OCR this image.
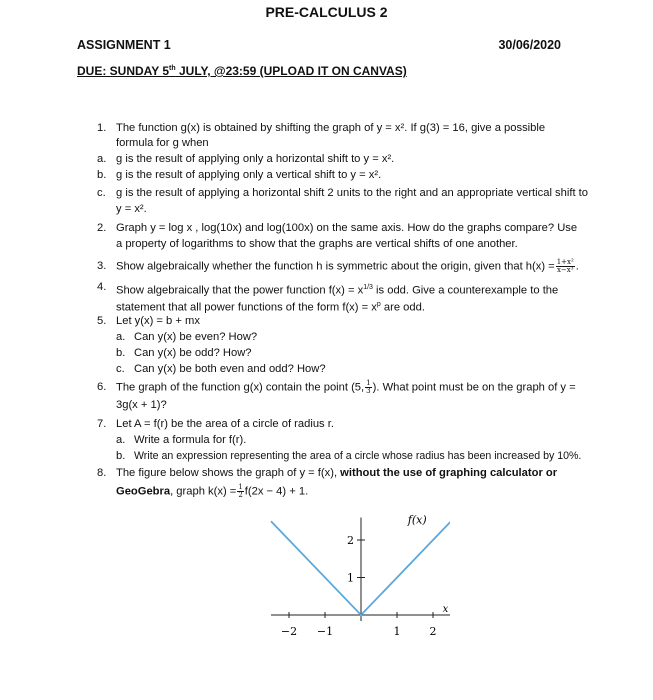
PRE-CALCULUS 2
ASSIGNMENT 1	30/06/2020
DUE: SUNDAY 5th JULY, @23:59 (UPLOAD IT ON CANVAS)
1. The function g(x) is obtained by shifting the graph of y = x². If g(3) = 16, give a possible
formula for g when
a. g is the result of applying only a horizontal shift to y = x².
b. g is the result of applying only a vertical shift to y = x².
c. g is the result of applying a horizontal shift 2 units to the right and an appropriate vertical shift to
y = x².
2. Graph y = log x , log(10x) and log(100x) on the same axis. How do the graphs compare? Use
a property of logarithms to show that the graphs are vertical shifts of one another.
3. Show algebraically whether the function h is symmetric about the origin, given that $h(x) = \frac{\text{1+x²}}{\text{x−x³}}$ .
4. Show algebraically that the power function $f(x) = x^{1/3}$ is odd. Give a counterexample to the
statement that all power functions of the form $f(x) = x^p$ are odd.
5. Let y(x) = b + mx
a. Can y(x) be even? How?
b. Can y(x) be odd? How?
c. Can y(x) be both even and odd? How?
6. The graph of the function g(x) contain the point (5, $\frac{1}{3}$ ). What point must be on the graph of y =
3g(x + 1)?
7. Let A = f(r) be the area of a circle of radius r.
a. Write a formula for f(r).
b. Write an expression representing the area of a circle whose radius has been increased by 10%.
8. The figure below shows the graph of y = f(x), without the use of graphing calculator or
GeoGebra, graph $k(x) = \frac{1}{2} f(2x - 4) + 1$.
f(x)
x
−2 −1	1	2
1
2
